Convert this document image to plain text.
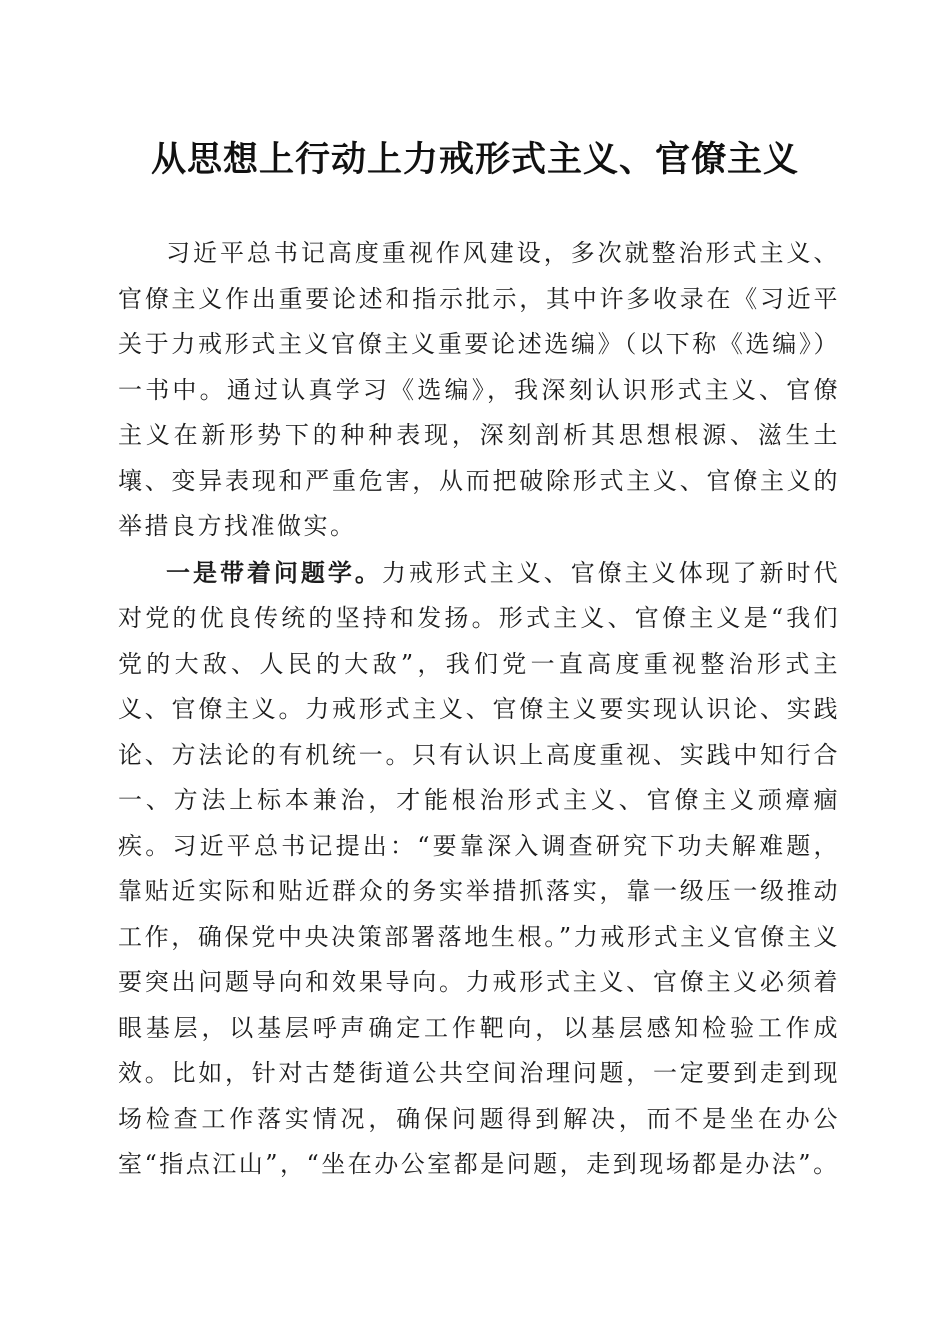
从思想上行动上力戒形式主义、官僚主义

习近平总书记高度重视作风建设，多次就整治形式主义、官僚主义作出重要论述和指示批示，其中许多收录在《习近平关于力戒形式主义官僚主义重要论述选编》（以下称《选编》）一书中。通过认真学习《选编》，我深刻认识形式主义、官僚主义在新形势下的种种表现，深刻剖析其思想根源、滋生土壤、变异表现和严重危害，从而把破除形式主义、官僚主义的举措良方找准做实。

一是带着问题学。力戒形式主义、官僚主义体现了新时代对党的优良传统的坚持和发扬。形式主义、官僚主义是“我们党的大敌、人民的大敌”，我们党一直高度重视整治形式主义、官僚主义。力戒形式主义、官僚主义要实现认识论、实践论、方法论的有机统一。只有认识上高度重视、实践中知行合一、方法上标本兼治，才能根治形式主义、官僚主义顽瘴痼疾。习近平总书记提出：“要靠深入调查研究下功夫解难题，靠贴近实际和贴近群众的务实举措抓落实，靠一级压一级推动工作，确保党中央决策部署落地生根。”力戒形式主义官僚主义要突出问题导向和效果导向。力戒形式主义、官僚主义必须着眼基层，以基层呼声确定工作靶向，以基层感知检验工作成效。比如，针对古楚街道公共空间治理问题，一定要到走到现场检查工作落实情况，确保问题得到解决，而不是坐在办公室“指点江山”，“坐在办公室都是问题，走到现场都是办法”。
